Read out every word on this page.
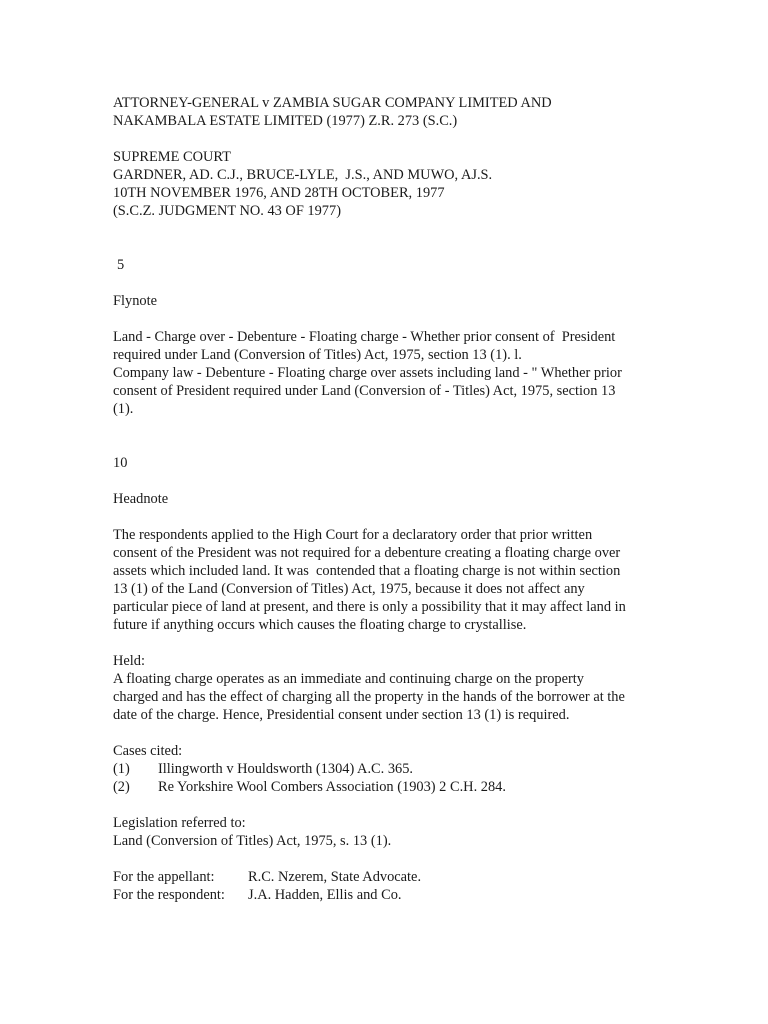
ATTORNEY-GENERAL v ZAMBIA SUGAR COMPANY LIMITED AND
NAKAMBALA ESTATE LIMITED (1977) Z.R. 273 (S.C.)
SUPREME COURT
GARDNER, AD. C.J., BRUCE-LYLE,  J.S., AND MUWO, AJ.S.
10TH NOVEMBER 1976, AND 28TH OCTOBER, 1977
(S.C.Z. JUDGMENT NO. 43 OF 1977)
5
Flynote
Land - Charge over - Debenture - Floating charge - Whether prior consent of  President
required under Land (Conversion of Titles) Act, 1975, section 13 (1). l.
Company law - Debenture - Floating charge over assets including land - " Whether prior
consent of President required under Land (Conversion of - Titles) Act, 1975, section 13
(1).
10
Headnote
The respondents applied to the High Court for a declaratory order that prior written
consent of the President was not required for a debenture creating a floating charge over
assets which included land. It was  contended that a floating charge is not within section
13 (1) of the Land (Conversion of Titles) Act, 1975, because it does not affect any
particular piece of land at present, and there is only a possibility that it may affect land in
future if anything occurs which causes the floating charge to crystallise.
Held:
A floating charge operates as an immediate and continuing charge on the property
charged and has the effect of charging all the property in the hands of the borrower at the
date of the charge. Hence, Presidential consent under section 13 (1) is required.
Cases cited:
(1)	Illingworth v Houldsworth (1304) A.C. 365.
(2)	Re Yorkshire Wool Combers Association (1903) 2 C.H. 284.
Legislation referred to:
Land (Conversion of Titles) Act, 1975, s. 13 (1).
For the appellant:	R.C. Nzerem, State Advocate.
For the respondent:	J.A. Hadden, Ellis and Co.
